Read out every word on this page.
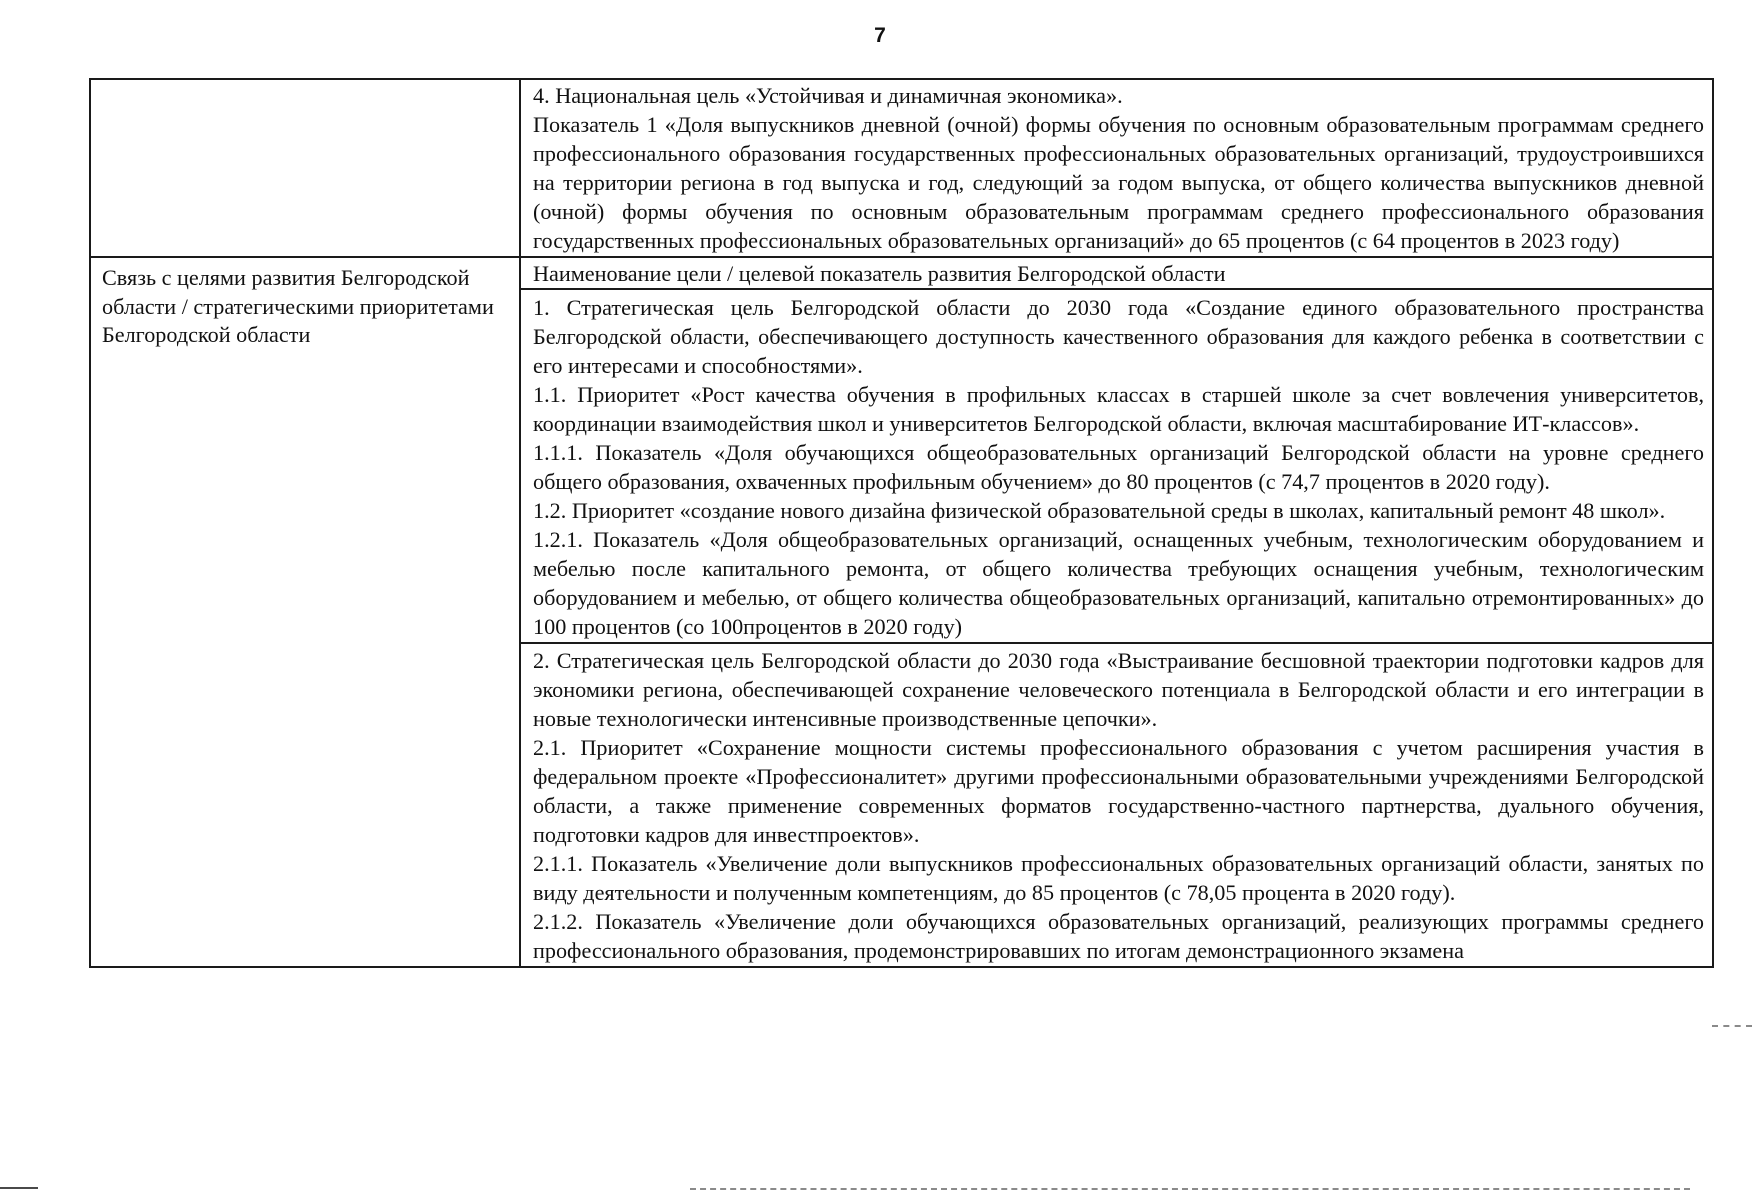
7

	4. Национальная цель «Устойчивая и динамичная экономика».

Показатель 1 «Доля выпускников дневной (очной) формы обучения по основным образовательным программам среднего профессионального образования государственных профессиональных образовательных организаций, трудоустроившихся на территории региона в год выпуска и год, следующий за годом выпуска, от общего количества выпускников дневной (очной) формы обучения по основным образовательным программам среднего профессионального образования государственных профессиональных образовательных организаций» до 65 процентов (с 64 процентов в 2023 году)

Связь с целями развития Белгородской области / стратегическими приоритетами Белгородской области	Наименование цели / целевой показатель развития Белгородской области

	1. Стратегическая цель Белгородской области до 2030 года «Создание единого образовательного пространства Белгородской области, обеспечивающего доступность качественного образования для каждого ребенка в соответствии с его интересами и способностями».

1.1. Приоритет «Рост качества обучения в профильных классах в старшей школе за счет вовлечения университетов, координации взаимодействия школ и университетов Белгородской области, включая масштабирование ИТ-классов».

1.1.1. Показатель «Доля обучающихся общеобразовательных организаций Белгородской области на уровне среднего общего образования, охваченных профильным обучением» до 80 процентов (с 74,7 процентов в 2020 году).

1.2. Приоритет «создание нового дизайна физической образовательной среды в школах, капитальный ремонт 48 школ».

1.2.1. Показатель «Доля общеобразовательных организаций, оснащенных учебным, технологическим оборудованием и мебелью после капитального ремонта, от общего количества требующих оснащения учебным, технологическим оборудованием и мебелью, от общего количества общеобразовательных организаций, капитально отремонтированных» до 100 процентов (со 100процентов в 2020 году)

	2. Стратегическая цель Белгородской области до 2030 года «Выстраивание бесшовной траектории подготовки кадров для экономики региона, обеспечивающей сохранение человеческого потенциала в Белгородской области и его интеграции в новые технологически интенсивные производственные цепочки».

2.1. Приоритет «Сохранение мощности системы профессионального образования с учетом расширения участия в федеральном проекте «Профессионалитет» другими профессиональными образовательными учреждениями Белгородской области, а также применение современных форматов государственно-частного партнерства, дуального обучения, подготовки кадров для инвестпроектов».

2.1.1. Показатель «Увеличение доли выпускников профессиональных образовательных организаций области, занятых по виду деятельности и полученным компетенциям, до 85 процентов (с 78,05 процента в 2020 году).

2.1.2. Показатель «Увеличение доли обучающихся образовательных организаций, реализующих программы среднего профессионального образования, продемонстрировавших по итогам демонстрационного экзамена
